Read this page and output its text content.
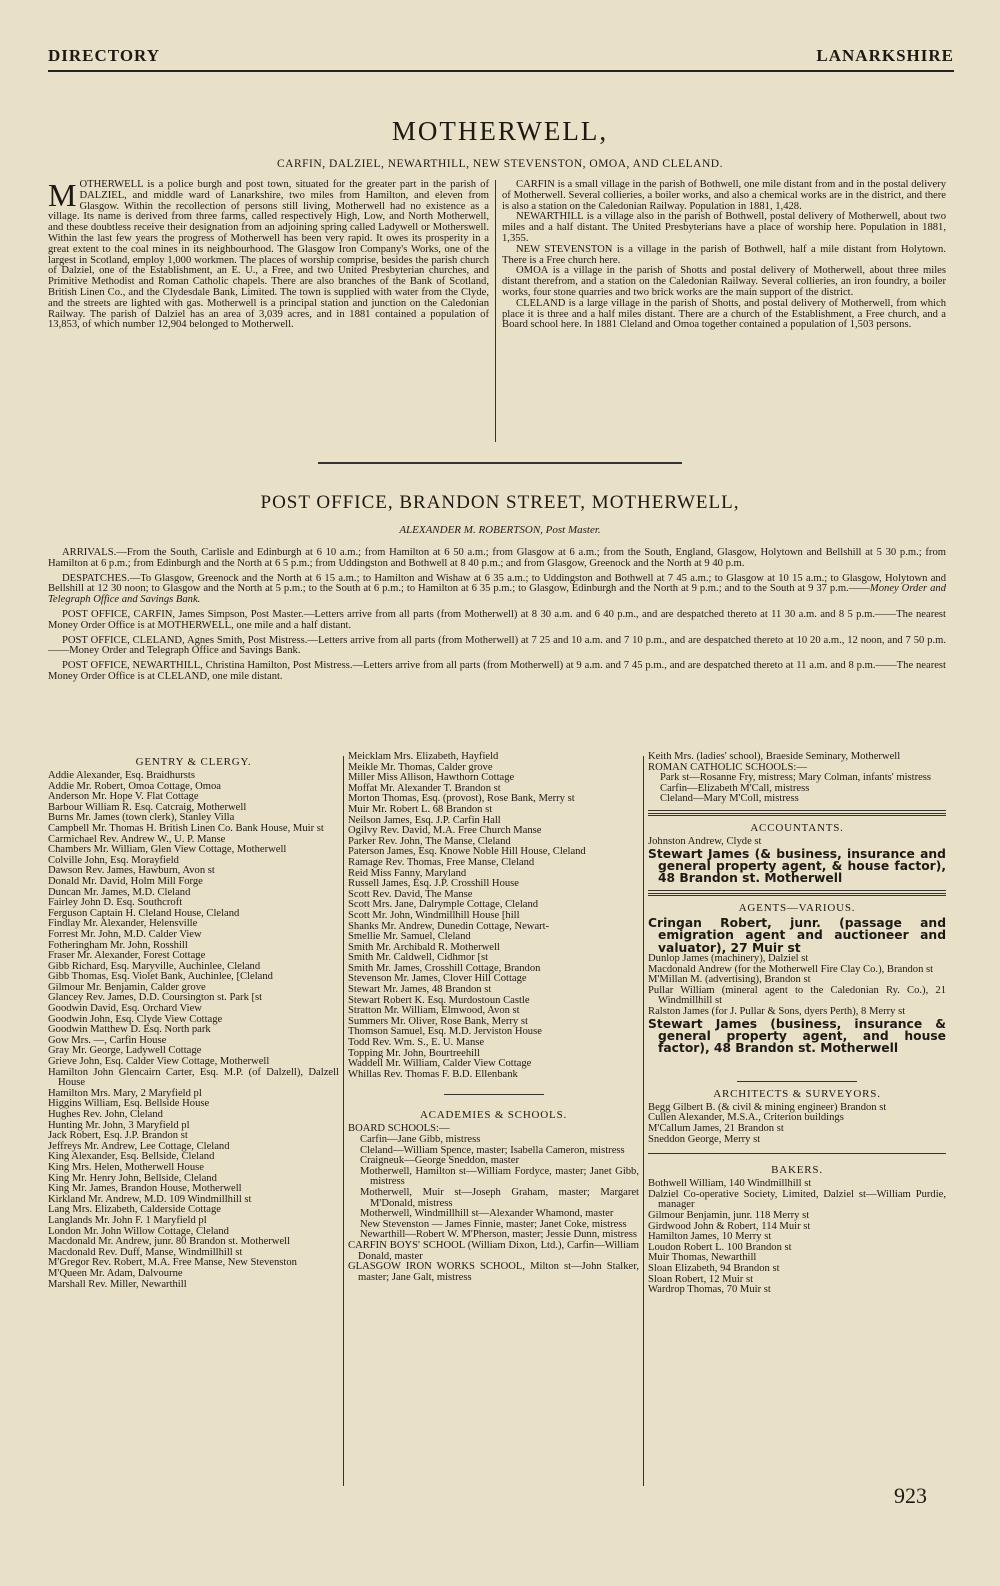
DIRECTORY	LANARKSHIRE
MOTHERWELL,
CARFIN, DALZIEL, NEWARTHILL, NEW STEVENSTON, OMOA, AND CLELAND.

MOTHERWELL is a police burgh and post town, situated for the greater part in the parish of DALZIEL, and middle ward of Lanarkshire, two miles from Hamilton, and eleven from Glasgow. Within the recollection of persons still living, Motherwell had no existence as a village. Its name is derived from three farms, called respectively High, Low, and North Motherwell, and these doubtless receive their designation from an adjoining spring called Ladywell or Motherswell. Within the last few years the progress of Motherwell has been very rapid. It owes its prosperity in a great extent to the coal mines in its neighbourhood. The Glasgow Iron Company's Works, one of the largest in Scotland, employ 1,000 workmen. The places of worship comprise, besides the parish church of Dalziel, one of the Establishment, an E. U., a Free, and two United Presbyterian churches, and Primitive Methodist and Roman Catholic chapels. There are also branches of the Bank of Scotland, British Linen Co., and the Clydesdale Bank, Limited. The town is supplied with water from the Clyde, and the streets are lighted with gas. Motherwell is a principal station and junction on the Caledonian Railway. The parish of Dalziel has an area of 3,039 acres, and in 1881 contained a population of 13,853, of which number 12,904 belonged to Motherwell.

CARFIN is a small village in the parish of Bothwell, one mile distant from and in the postal delivery of Motherwell. Several collieries, a boiler works, and also a chemical works are in the district, and there is also a station on the Caledonian Railway. Population in 1881, 1,428.

NEWARTHILL is a village also in the parish of Bothwell, postal delivery of Motherwell, about two miles and a half distant. The United Presbyterians have a place of worship here. Population in 1881, 1,355.

NEW STEVENSTON is a village in the parish of Bothwell, half a mile distant from Holytown. There is a Free church here.

OMOA is a village in the parish of Shotts and postal delivery of Motherwell, about three miles distant therefrom, and a station on the Caledonian Railway. Several collieries, an iron foundry, a boiler works, four stone quarries and two brick works are the main support of the district.

CLELAND is a large village in the parish of Shotts, and postal delivery of Motherwell, from which place it is three and a half miles distant. There are a church of the Establishment, a Free church, and a Board school here. In 1881 Cleland and Omoa together contained a population of 1,503 persons.

POST OFFICE, BRANDON STREET, MOTHERWELL,
ALEXANDER M. ROBERTSON, Post Master.

ARRIVALS.—From the South, Carlisle and Edinburgh at 6 10 a.m.; from Hamilton at 6 50 a.m.; from Glasgow at 6 a.m.; from the South, England, Glasgow, Holytown and Bellshill at 5 30 p.m.; from Hamilton at 6 p.m.; from Edinburgh and the North at 6 5 p.m.; from Uddingston and Bothwell at 8 40 p.m.; and from Glasgow, Greenock and the North at 9 40 p.m.

DESPATCHES.—To Glasgow, Greenock and the North at 6 15 a.m.; to Hamilton and Wishaw at 6 35 a.m.; to Uddingston and Bothwell at 7 45 a.m.; to Glasgow at 10 15 a.m.; to Glasgow, Holytown and Bellshill at 12 30 noon; to Glasgow and the North at 5 p.m.; to the South at 6 p.m.; to Hamilton at 6 35 p.m.; to Glasgow, Edinburgh and the North at 9 p.m.; and to the South at 9 37 p.m.——Money Order and Telegraph Office and Savings Bank.

POST OFFICE, CARFIN, James Simpson, Post Master.—Letters arrive from all parts (from Motherwell) at 8 30 a.m. and 6 40 p.m., and are despatched thereto at 11 30 a.m. and 8 5 p.m.——The nearest Money Order Office is at MOTHERWELL, one mile and a half distant.

POST OFFICE, CLELAND, Agnes Smith, Post Mistress.—Letters arrive from all parts (from Motherwell) at 7 25 and 10 a.m. and 7 10 p.m., and are despatched thereto at 10 20 a.m., 12 noon, and 7 50 p.m.——Money Order and Telegraph Office and Savings Bank.

POST OFFICE, NEWARTHILL, Christina Hamilton, Post Mistress.—Letters arrive from all parts (from Motherwell) at 9 a.m. and 7 45 p.m., and are despatched thereto at 11 a.m. and 8 p.m.——The nearest Money Order Office is at CLELAND, one mile distant.

GENTRY & CLERGY.

Addie Alexander, Esq. Braidhursts

Addie Mr. Robert, Omoa Cottage, Omoa

Anderson Mr. Hope V. Flat Cottage

Barbour William R. Esq. Catcraig, Motherwell

Burns Mr. James (town clerk), Stanley Villa

Campbell Mr. Thomas H. British Linen Co. Bank House, Muir st

Carmichael Rev. Andrew W., U. P. Manse

Chambers Mr. William, Glen View Cottage, Motherwell

Colville John, Esq. Morayfield

Dawson Rev. James, Hawburn, Avon st

Donald Mr. David, Holm Mill Forge

Duncan Mr. James, M.D. Cleland

Fairley John D. Esq. Southcroft

Ferguson Captain H. Cleland House, Cleland

Findlay Mr. Alexander, Helensville

Forrest Mr. John, M.D. Calder View

Fotheringham Mr. John, Rosshill

Fraser Mr. Alexander, Forest Cottage

Gibb Richard, Esq. Maryville, Auchinlee, Cleland

Gibb Thomas, Esq. Violet Bank, Auchinlee, [Cleland

Gilmour Mr. Benjamin, Calder grove

Glancey Rev. James, D.D. Coursington st. Park [st

Goodwin David, Esq. Orchard View

Goodwin John, Esq. Clyde View Cottage

Goodwin Matthew D. Esq. North park

Gow Mrs. —, Carfin House

Gray Mr. George, Ladywell Cottage

Grieve John, Esq. Calder View Cottage, Motherwell

Hamilton John Glencairn Carter, Esq. M.P. (of Dalzell), Dalzell House

Hamilton Mrs. Mary, 2 Maryfield pl

Higgins William, Esq. Bellside House

Hughes Rev. John, Cleland

Hunting Mr. John, 3 Maryfield pl

Jack Robert, Esq. J.P. Brandon st

Jeffreys Mr. Andrew, Lee Cottage, Cleland

King Alexander, Esq. Bellside, Cleland

King Mrs. Helen, Motherwell House

King Mr. Henry John, Bellside, Cleland

King Mr. James, Brandon House, Motherwell

Kirkland Mr. Andrew, M.D. 109 Windmillhill st

Lang Mrs. Elizabeth, Calderside Cottage

Langlands Mr. John F. 1 Maryfield pl

London Mr. John Willow Cottage, Cleland

Macdonald Mr. Andrew, junr. 80 Brandon st. Motherwell

Macdonald Rev. Duff, Manse, Windmillhill st

M'Gregor Rev. Robert, M.A. Free Manse, New Stevenston

M'Queen Mr. Adam, Dalvourne

Marshall Rev. Miller, Newarthill

Meicklam Mrs. Elizabeth, Hayfield

Meikle Mr. Thomas, Calder grove

Miller Miss Allison, Hawthorn Cottage

Moffat Mr. Alexander T. Brandon st

Morton Thomas, Esq. (provost), Rose Bank, Merry st

Muir Mr. Robert L. 68 Brandon st

Neilson James, Esq. J.P. Carfin Hall

Ogilvy Rev. David, M.A. Free Church Manse

Parker Rev. John, The Manse, Cleland

Paterson James, Esq. Knowe Noble Hill House, Cleland

Ramage Rev. Thomas, Free Manse, Cleland

Reid Miss Fanny, Maryland

Russell James, Esq. J.P. Crosshill House

Scott Rev. David, The Manse

Scott Mrs. Jane, Dalrymple Cottage, Cleland

Scott Mr. John, Windmillhill House [hill

Shanks Mr. Andrew, Dunedin Cottage, Newart-

Smellie Mr. Samuel, Cleland

Smith Mr. Archibald R. Motherwell

Smith Mr. Caldwell, Cidhmor [st

Smith Mr. James, Crosshill Cottage, Brandon

Stevenson Mr. James, Clover Hill Cottage

Stewart Mr. James, 48 Brandon st

Stewart Robert K. Esq. Murdostoun Castle

Stratton Mr. William, Elmwood, Avon st

Summers Mr. Oliver, Rose Bank, Merry st

Thomson Samuel, Esq. M.D. Jerviston House

Todd Rev. Wm. S., E. U. Manse

Topping Mr. John, Bourtreehill

Waddell Mr. William, Calder View Cottage

Whillas Rev. Thomas F. B.D. Ellenbank

ACADEMIES & SCHOOLS.

BOARD SCHOOLS:—

Carfin—Jane Gibb, mistress

Cleland—William Spence, master; Isabella Cameron, mistress

Craigneuk—George Sneddon, master

Motherwell, Hamilton st—William Fordyce, master; Janet Gibb, mistress

Motherwell, Muir st—Joseph Graham, master; Margaret M'Donald, mistress

Motherwell, Windmillhill st—Alexander Whamond, master

New Stevenston — James Finnie, master; Janet Coke, mistress

Newarthill—Robert W. M'Pherson, master; Jessie Dunn, mistress

CARFIN BOYS' SCHOOL (William Dixon, Ltd.), Carfin—William Donald, master

GLASGOW IRON WORKS SCHOOL, Milton st—John Stalker, master; Jane Galt, mistress

Keith Mrs. (ladies' school), Braeside Seminary, Motherwell

ROMAN CATHOLIC SCHOOLS:—

Park st—Rosanne Fry, mistress; Mary Colman, infants' mistress

Carfin—Elizabeth M'Call, mistress

Cleland—Mary M'Coll, mistress

ACCOUNTANTS.

Johnston Andrew, Clyde st

Stewart James (& business, insurance and general property agent, & house factor), 48 Brandon st. Motherwell

AGENTS—VARIOUS.

Cringan Robert, junr. (passage and emigration agent and auctioneer and valuator), 27 Muir st

Dunlop James (machinery), Dalziel st

Macdonald Andrew (for the Motherwell Fire Clay Co.), Brandon st

M'Millan M. (advertising), Brandon st

Pullar William (mineral agent to the Caledonian Ry. Co.), 21 Windmillhill st

Ralston James (for J. Pullar & Sons, dyers Perth), 8 Merry st

Stewart James (business, insurance & general property agent, and house factor), 48 Brandon st. Motherwell

ARCHITECTS & SURVEYORS.

Begg Gilbert B. (& civil & mining engineer) Brandon st

Cullen Alexander, M.S.A., Criterion buildings

M'Callum James, 21 Brandon st

Sneddon George, Merry st

BAKERS.

Bothwell William, 140 Windmillhill st

Dalziel Co-operative Society, Limited, Dalziel st—William Purdie, manager

Gilmour Benjamin, junr. 118 Merry st

Girdwood John & Robert, 114 Muir st

Hamilton James, 10 Merry st

Loudon Robert L. 100 Brandon st

Muir Thomas, Newarthill

Sloan Elizabeth, 94 Brandon st

Sloan Robert, 12 Muir st

Wardrop Thomas, 70 Muir st

923
